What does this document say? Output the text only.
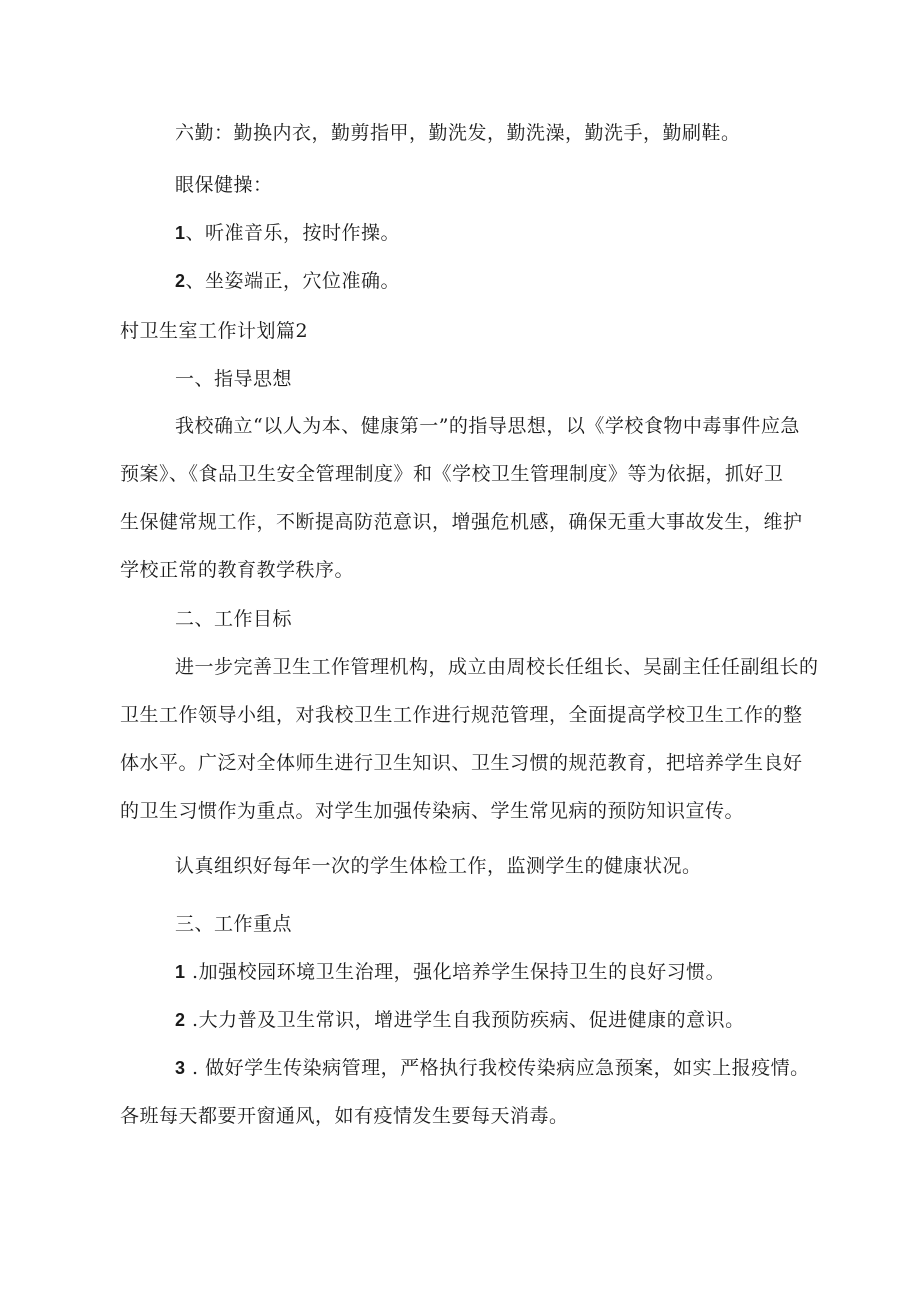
六勤：勤换内衣，勤剪指甲，勤洗发，勤洗澡，勤洗手，勤刷鞋。
眼保健操：
1、听准音乐，按时作操。
2、坐姿端正，穴位准确。
村卫生室工作计划篇2
一、指导思想
我校确立“以人为本、健康第一”的指导思想，以《学校食物中毒事件应急
预案》、《食品卫生安全管理制度》和《学校卫生管理制度》等为依据，抓好卫
生保健常规工作，不断提高防范意识，增强危机感，确保无重大事故发生，维护
学校正常的教育教学秩序。
二、工作目标
进一步完善卫生工作管理机构，成立由周校长任组长、吴副主任任副组长的
卫生工作领导小组，对我校卫生工作进行规范管理，全面提高学校卫生工作的整
体水平。广泛对全体师生进行卫生知识、卫生习惯的规范教育，把培养学生良好
的卫生习惯作为重点。对学生加强传染病、学生常见病的预防知识宣传。
认真组织好每年一次的学生体检工作，监测学生的健康状况。
三、工作重点
1 .加强校园环境卫生治理，强化培养学生保持卫生的良好习惯。
2 .大力普及卫生常识，增进学生自我预防疾病、促进健康的意识。
3 . 做好学生传染病管理，严格执行我校传染病应急预案，如实上报疫情。
各班每天都要开窗通风，如有疫情发生要每天消毒。
